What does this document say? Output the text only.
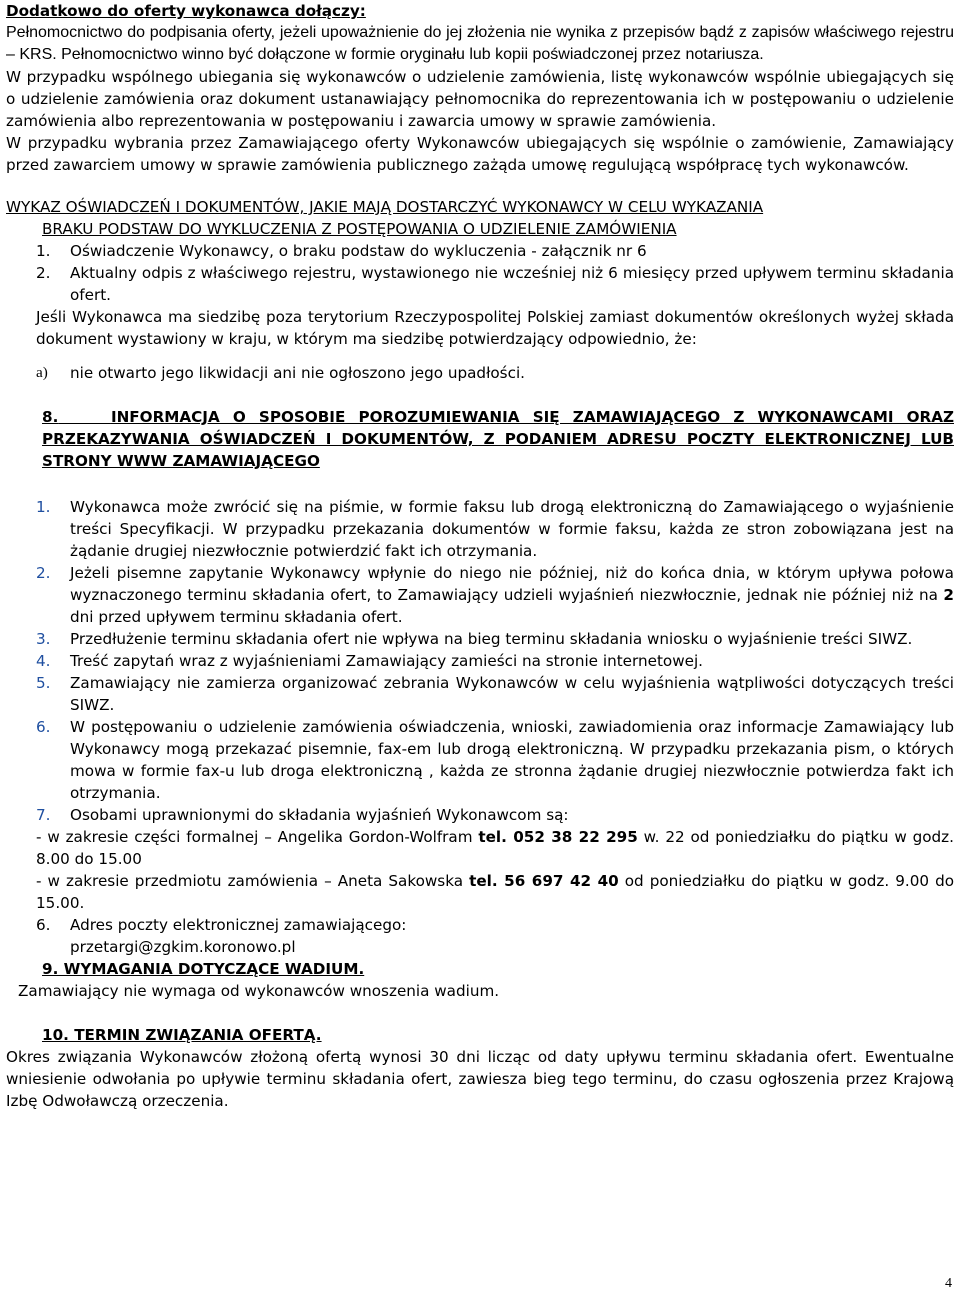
Dodatkowo do oferty wykonawca dołączy:

Pełnomocnictwo do podpisania oferty, jeżeli upoważnienie do jej złożenia nie wynika z przepisów bądź z zapisów właściwego rejestru – KRS. Pełnomocnictwo winno być dołączone w formie oryginału lub kopii poświadczonej przez notariusza.

W przypadku wspólnego ubiegania się wykonawców o udzielenie zamówienia, listę wykonawców wspólnie ubiegających się o udzielenie zamówienia oraz dokument ustanawiający pełnomocnika do reprezentowania ich w postępowaniu o udzielenie zamówienia albo reprezentowania w postępowaniu i zawarcia umowy w sprawie zamówienia.

W przypadku wybrania przez Zamawiającego oferty Wykonawców ubiegających się wspólnie o zamówienie, Zamawiający przed zawarciem umowy w sprawie zamówienia publicznego zażąda umowę regulującą współpracę tych wykonawców.

WYKAZ OŚWIADCZEŃ I DOKUMENTÓW, JAKIE MAJĄ DOSTARCZYĆ WYKONAWCY W CELU WYKAZANIA

BRAKU PODSTAW DO WYKLUCZENIA Z POSTĘPOWANIA O UDZIELENIE ZAMÓWIENIA

1.	Oświadczenie Wykonawcy, o braku podstaw do wykluczenia - załącznik nr 6
2.	Aktualny odpis z właściwego rejestru, wystawionego nie wcześniej niż 6 miesięcy przed upływem terminu składania ofert.

Jeśli Wykonawca ma siedzibę poza terytorium Rzeczypospolitej Polskiej zamiast dokumentów określonych wyżej składa dokument wystawiony w kraju, w którym ma siedzibę potwierdzający odpowiednio, że:

a)	nie otwarto jego likwidacji ani nie ogłoszono jego upadłości.
8.	INFORMACJA O SPOSOBIE POROZUMIEWANIA SIĘ ZAMAWIAJĄCEGO Z WYKONAWCAMI ORAZ PRZEKAZYWANIA OŚWIADCZEŃ I DOKUMENTÓW, Z PODANIEM ADRESU POCZTY ELEKTRONICZNEJ LUB STRONY WWW ZAMAWIAJĄCEGO
1.	Wykonawca może zwrócić się na piśmie, w formie faksu lub drogą elektroniczną do Zamawiającego o wyjaśnienie treści Specyfikacji. W przypadku przekazania dokumentów w formie faksu, każda ze stron zobowiązana jest na żądanie drugiej niezwłocznie potwierdzić fakt ich otrzymania.
2.	Jeżeli pisemne zapytanie Wykonawcy wpłynie do niego nie później, niż do końca dnia, w którym upływa połowa wyznaczonego terminu składania ofert, to Zamawiający udzieli wyjaśnień niezwłocznie, jednak nie później niż na 2 dni przed upływem terminu składania ofert.
3.	Przedłużenie terminu składania ofert nie wpływa na bieg terminu składania wniosku o wyjaśnienie treści SIWZ.
4.	Treść zapytań wraz z wyjaśnieniami Zamawiający zamieści na stronie internetowej.
5.	Zamawiający nie zamierza organizować zebrania Wykonawców w celu wyjaśnienia wątpliwości dotyczących treści SIWZ.
6.	W postępowaniu o udzielenie zamówienia oświadczenia, wnioski, zawiadomienia oraz informacje Zamawiający lub Wykonawcy mogą przekazać pisemnie, fax-em lub drogą elektroniczną. W przypadku przekazania pism, o których mowa w formie fax-u lub droga elektroniczną , każda ze stronna żądanie drugiej niezwłocznie potwierdza fakt ich otrzymania.
7.	Osobami uprawnionymi do składania wyjaśnień Wykonawcom są:

- w zakresie części formalnej – Angelika Gordon-Wolfram tel. 052 38 22 295 w. 22 od poniedziałku do piątku w godz. 8.00 do 15.00

- w zakresie przedmiotu zamówienia – Aneta Sakowska tel. 56 697 42 40 od poniedziałku do piątku w godz. 9.00 do 15.00.

6.	Adres poczty elektronicznej zamawiającego:

przetargi@zgkim.koronowo.pl

9. WYMAGANIA DOTYCZĄCE WADIUM.

Zamawiający nie wymaga od wykonawców wnoszenia wadium.

10. TERMIN ZWIĄZANIA OFERTĄ.

Okres związania Wykonawców złożoną ofertą wynosi 30 dni licząc od daty upływu terminu składania ofert. Ewentualne wniesienie odwołania po upływie terminu składania ofert, zawiesza bieg tego terminu, do czasu ogłoszenia przez Krajową Izbę Odwoławczą orzeczenia.

4
